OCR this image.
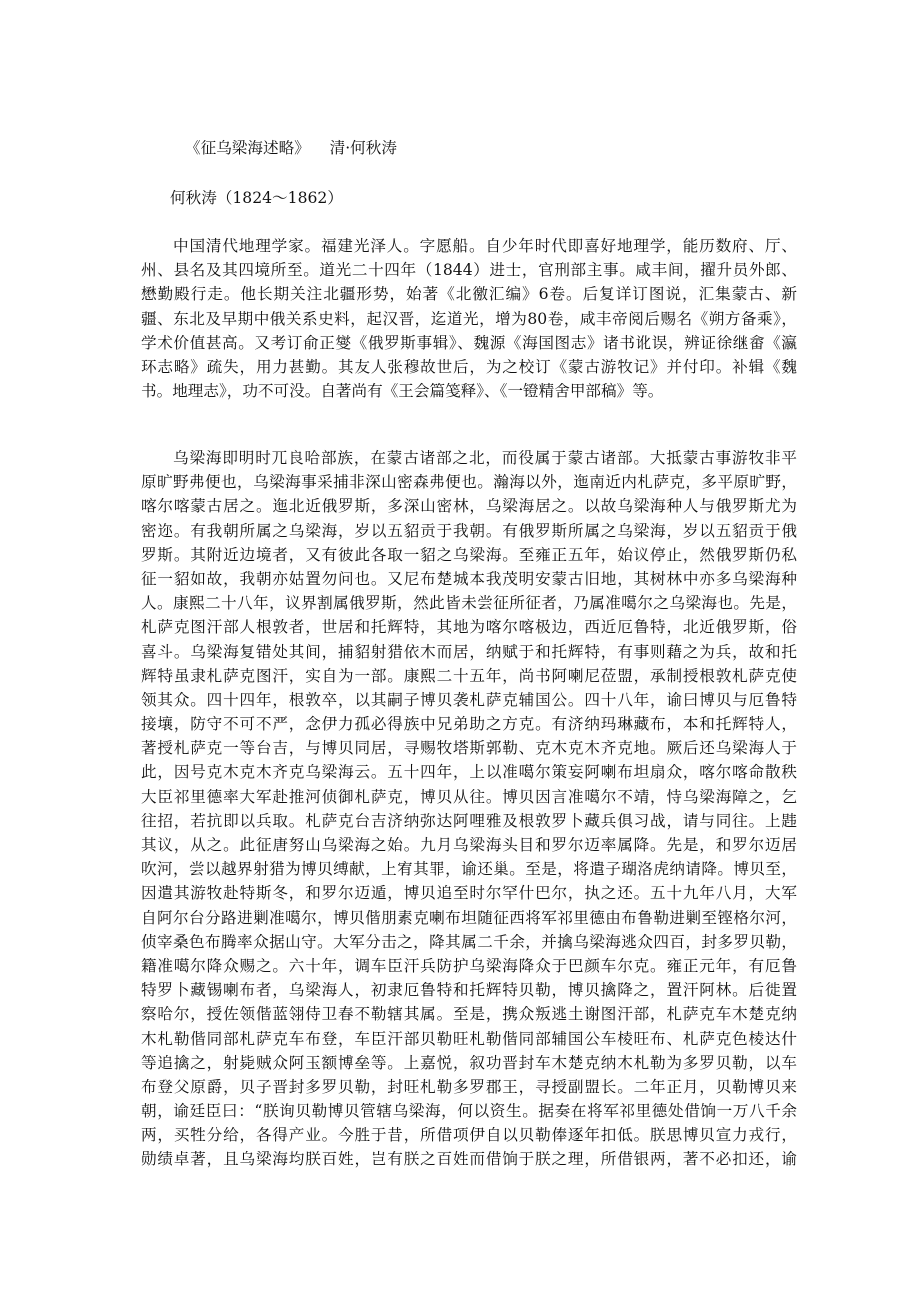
《征乌梁海述略》 清·何秋涛
何秋涛（1824～1862）
中国清代地理学家。福建光泽人。字愿船。自少年时代即喜好地理学，能历数府、厅、
州、县名及其四境所至。道光二十四年（1844）进士，官刑部主事。咸丰间，擢升员外郎、
懋勤殿行走。他长期关注北疆形势，始著《北徼汇编》6卷。后复详订图说，汇集蒙古、新
疆、东北及早期中俄关系史料，起汉晋，迄道光，增为80卷，咸丰帝阅后赐名《朔方备乘》，
学术价值甚高。又考订俞正燮《俄罗斯事辑》、魏源《海国图志》诸书讹误，辨证徐继畲《瀛
环志略》疏失，用力甚勤。其友人张穆故世后，为之校订《蒙古游牧记》并付印。补辑《魏
书。地理志》，功不可没。自著尚有《王会篇笺释》、《一镫精舍甲部稿》等。
乌梁海即明时兀良哈部族，在蒙古诸部之北，而役属于蒙古诸部。大抵蒙古事游牧非平
原旷野弗便也，乌梁海事采捕非深山密森弗便也。瀚海以外，迤南近内札萨克，多平原旷野，
喀尔喀蒙古居之。迤北近俄罗斯，多深山密林，乌梁海居之。以故乌梁海种人与俄罗斯尤为
密迩。有我朝所属之乌梁海，岁以五貂贡于我朝。有俄罗斯所属之乌梁海，岁以五貂贡于俄
罗斯。其附近边境者，又有彼此各取一貂之乌梁海。至雍正五年，始议停止，然俄罗斯仍私
征一貂如故，我朝亦姑置勿问也。又尼布楚城本我茂明安蒙古旧地，其树林中亦多乌梁海种
人。康熙二十八年，议界割属俄罗斯，然此皆未尝征所征者，乃属准噶尔之乌梁海也。先是，
札萨克图汗部人根敦者，世居和托辉特，其地为喀尔喀极边，西近厄鲁特，北近俄罗斯，俗
喜斗。乌梁海复错处其间，捕貂射猎依木而居，纳赋于和托辉特，有事则藉之为兵，故和托
辉特虽隶札萨克图汗，实自为一部。康熙二十五年，尚书阿喇尼莅盟，承制授根敦札萨克使
领其众。四十四年，根敦卒，以其嗣子博贝袭札萨克辅国公。四十八年，谕曰博贝与厄鲁特
接壤，防守不可不严，念伊力孤必得族中兄弟助之方克。有济纳玛琳藏布，本和托辉特人，
著授札萨克一等台吉，与博贝同居，寻赐牧塔斯郭勒、克木克木齐克地。厥后还乌梁海人于
此，因号克木克木齐克乌梁海云。五十四年，上以准噶尔策妄阿喇布坦扇众，喀尔喀命散秩
大臣祁里德率大军赴推河侦御札萨克，博贝从往。博贝因言准噶尔不靖，恃乌梁海障之，乞
往招，若抗即以兵取。札萨克台吉济纳弥达阿哩雅及根敦罗卜藏兵俱习战，请与同往。上韪
其议，从之。此征唐努山乌梁海之始。九月乌梁海头目和罗尔迈率属降。先是，和罗尔迈居
吹河，尝以越界射猎为博贝缚献，上宥其罪，谕还巢。至是，将遣子瑚洛虎纳请降。博贝至，
因遣其游牧赴特斯冬，和罗尔迈遁，博贝追至时尔罕什巴尔，执之还。五十九年八月，大军
自阿尔台分路进剿准噶尔，博贝偕朋素克喇布坦随征西将军祁里德由布鲁勒进剿至铿格尔河，
侦宰桑色布腾率众据山守。大军分击之，降其属二千余，并擒乌梁海逃众四百，封多罗贝勒，
籍准噶尔降众赐之。六十年，调车臣汗兵防护乌梁海降众于巴颜车尔克。雍正元年，有厄鲁
特罗卜藏锡喇布者，乌梁海人，初隶厄鲁特和托辉特贝勒，博贝擒降之，置汗阿林。后徙置
察哈尔，授佐领偕蓝翎侍卫春不勒辖其属。至是，携众叛逃土谢图汗部，札萨克车木楚克纳
木札勒偕同部札萨克车布登，车臣汗部贝勒旺札勒偕同部辅国公车棱旺布、札萨克色棱达什
等追擒之，射毙贼众阿玉额博垒等。上嘉悦，叙功晋封车木楚克纳木札勒为多罗贝勒，以车
布登父原爵，贝子晋封多罗贝勒，封旺札勒多罗郡王，寻授副盟长。二年正月，贝勒博贝来
朝，谕廷臣曰：“朕询贝勒博贝管辖乌梁海，何以资生。据奏在将军祁里德处借饷一万八千余
两，买牲分给，各得产业。今胜于昔，所借项伊自以贝勒俸逐年扣低。朕思博贝宣力戎行，
勋绩卓著，且乌梁海均朕百姓，岂有朕之百姓而借饷于朕之理，所借银两，著不必扣还，谕
